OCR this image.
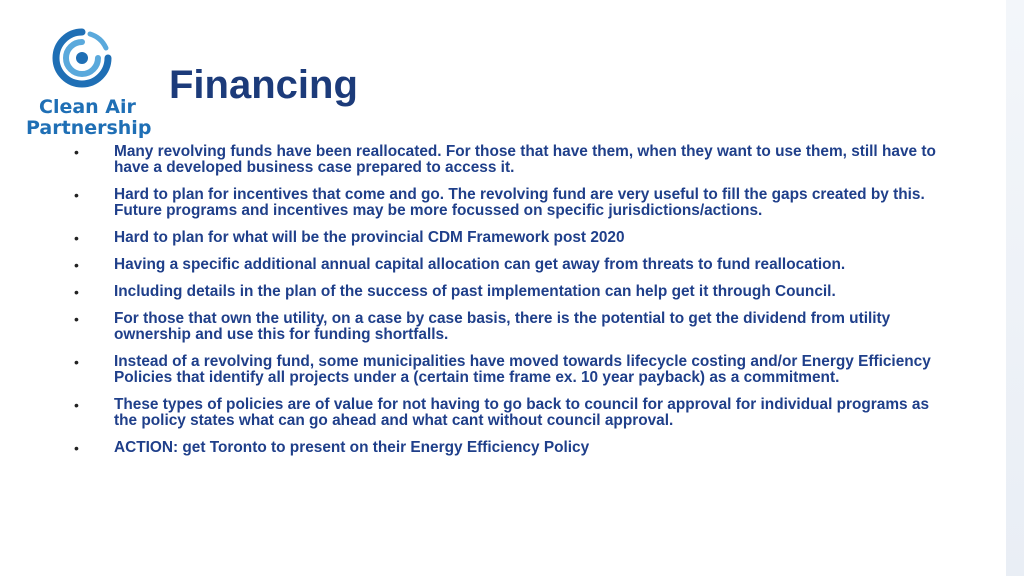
Clean Air
Partnership
Financing
• Many revolving funds have been reallocated. For those that have them, when they want to use them, still have to have a developed business case prepared to access it.
• Hard to plan for incentives that come and go. The revolving fund are very useful to fill the gaps created by this. Future programs and incentives may be more focussed on specific jurisdictions/actions.
• Hard to plan for what will be the provincial CDM Framework post 2020
• Having a specific additional annual capital allocation can get away from threats to fund reallocation.
• Including details in the plan of the success of past implementation can help get it through Council.
• For those that own the utility, on a case by case basis, there is the potential to get the dividend from utility ownership and use this for funding shortfalls.
• Instead of a revolving fund, some municipalities have moved towards lifecycle costing and/or Energy Efficiency Policies that identify all projects under a (certain time frame ex. 10 year payback) as a commitment.
• These types of policies are of value for not having to go back to council for approval for individual programs as the policy states what can go ahead and what cant without council approval.
• ACTION: get Toronto to present on their Energy Efficiency Policy
